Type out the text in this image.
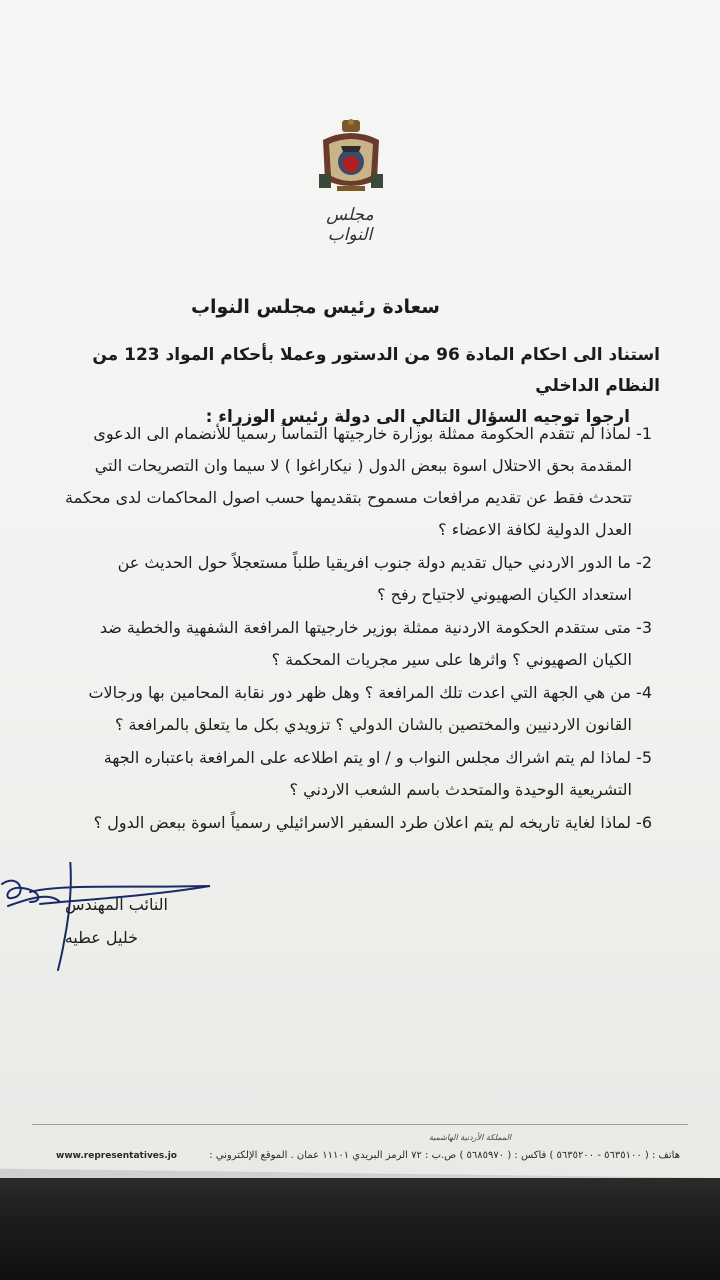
مجلس النواب
سعادة رئيس مجلس النواب
استناد الى احكام المادة 96 من الدستور وعملا بأحكام المواد 123 من النظام الداخلي
ارجوا توجيه السؤال التالي الى دولة رئيس الوزراء :
1- لماذا لم تتقدم الحكومة ممثلة بوزارة خارجيتها التماساً رسمياً للأنضمام الى الدعوى
المقدمة بحق الاحتلال اسوة ببعض الدول ( نيكاراغوا ) لا سيما وان التصريحات التي
تتحدث فقط عن تقديم مرافعات مسموح بتقديمها حسب اصول المحاكمات لدى محكمة
العدل الدولية لكافة الاعضاء ؟
2- ما الدور الاردني حيال تقديم دولة جنوب افريقيا طلباً مستعجلاً حول الحديث عن
استعداد الكيان الصهيوني لاجتياح رفح ؟
3- متى ستقدم الحكومة الاردنية ممثلة بوزير خارجيتها المرافعة الشفهية والخطية ضد
الكيان الصهيوني ؟ واثرها على سير مجريات المحكمة ؟
4- من هي الجهة التي اعدت تلك المرافعة ؟ وهل ظهر دور نقابة المحامين بها ورجالات
القانون الاردنيين والمختصين بالشان الدولي ؟ تزويدي بكل ما يتعلق بالمرافعة ؟
5- لماذا لم يتم اشراك مجلس النواب و / او يتم اطلاعه على المرافعة باعتباره الجهة
التشريعية الوحيدة والمتحدث باسم الشعب الاردني ؟
6- لماذا لغاية تاريخه لم يتم اعلان طرد السفير الاسرائيلي رسمياً اسوة ببعض الدول ؟
النائب المهندس
خليل عطيه
المملكة الأردنية الهاشمية
هاتف : ( ٥٦٣٥١٠٠ - ٥٦٣٥٢٠٠ ) فاكس : ( ٥٦٨٥٩٧٠ ) ص.ب : ٧٢ الرمز البريدي ١١١٠١ عمان . الموقع الإلكتروني :
www.representatives.jo
